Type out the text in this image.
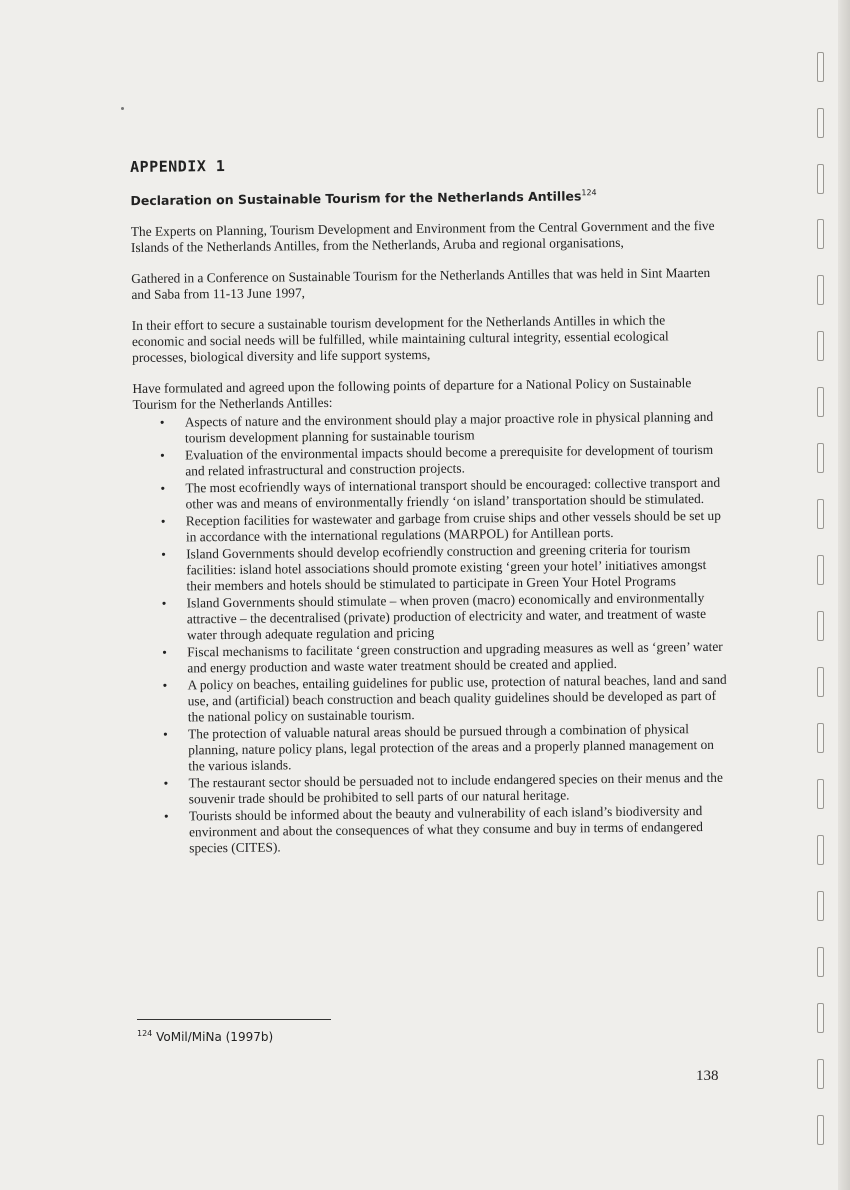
APPENDIX 1
Declaration on Sustainable Tourism for the Netherlands Antilles$^{124}$

The Experts on Planning, Tourism Development and Environment from the Central Government and the five Islands of the Netherlands Antilles, from the Netherlands, Aruba and regional organisations,

Gathered in a Conference on Sustainable Tourism for the Netherlands Antilles that was held in Sint Maarten and Saba from 11-13 June 1997,

In their effort to secure a sustainable tourism development for the Netherlands Antilles in which the economic and social needs will be fulfilled, while maintaining cultural integrity, essential ecological processes, biological diversity and life support systems,

Have formulated and agreed upon the following points of departure for a National Policy on Sustainable Tourism for the Netherlands Antilles:

• Aspects of nature and the environment should play a major proactive role in physical planning and tourism development planning for sustainable tourism
• Evaluation of the environmental impacts should become a prerequisite for development of tourism and related infrastructural and construction projects.
• The most ecofriendly ways of international transport should be encouraged: collective transport and other was and means of environmentally friendly ‘on island’ transportation should be stimulated.
• Reception facilities for wastewater and garbage from cruise ships and other vessels should be set up in accordance with the international regulations (MARPOL) for Antillean ports.
• Island Governments should develop ecofriendly construction and greening criteria for tourism facilities: island hotel associations should promote existing ‘green your hotel’ initiatives amongst their members and hotels should be stimulated to participate in Green Your Hotel Programs
• Island Governments should stimulate – when proven (macro) economically and environmentally attractive – the decentralised (private) production of electricity and water, and treatment of waste water through adequate regulation and pricing
• Fiscal mechanisms to facilitate ‘green construction and upgrading measures as well as ‘green’ water and energy production and waste water treatment should be created and applied.
• A policy on beaches, entailing guidelines for public use, protection of natural beaches, land and sand use, and (artificial) beach construction and beach quality guidelines should be developed as part of the national policy on sustainable tourism.
• The protection of valuable natural areas should be pursued through a combination of physical planning, nature policy plans, legal protection of the areas and a properly planned management on the various islands.
• The restaurant sector should be persuaded not to include endangered species on their menus and the souvenir trade should be prohibited to sell parts of our natural heritage.
• Tourists should be informed about the beauty and vulnerability of each island’s biodiversity and environment and about the consequences of what they consume and buy in terms of endangered species (CITES).
$^{124}$ VoMil/MiNa (1997b)
138
